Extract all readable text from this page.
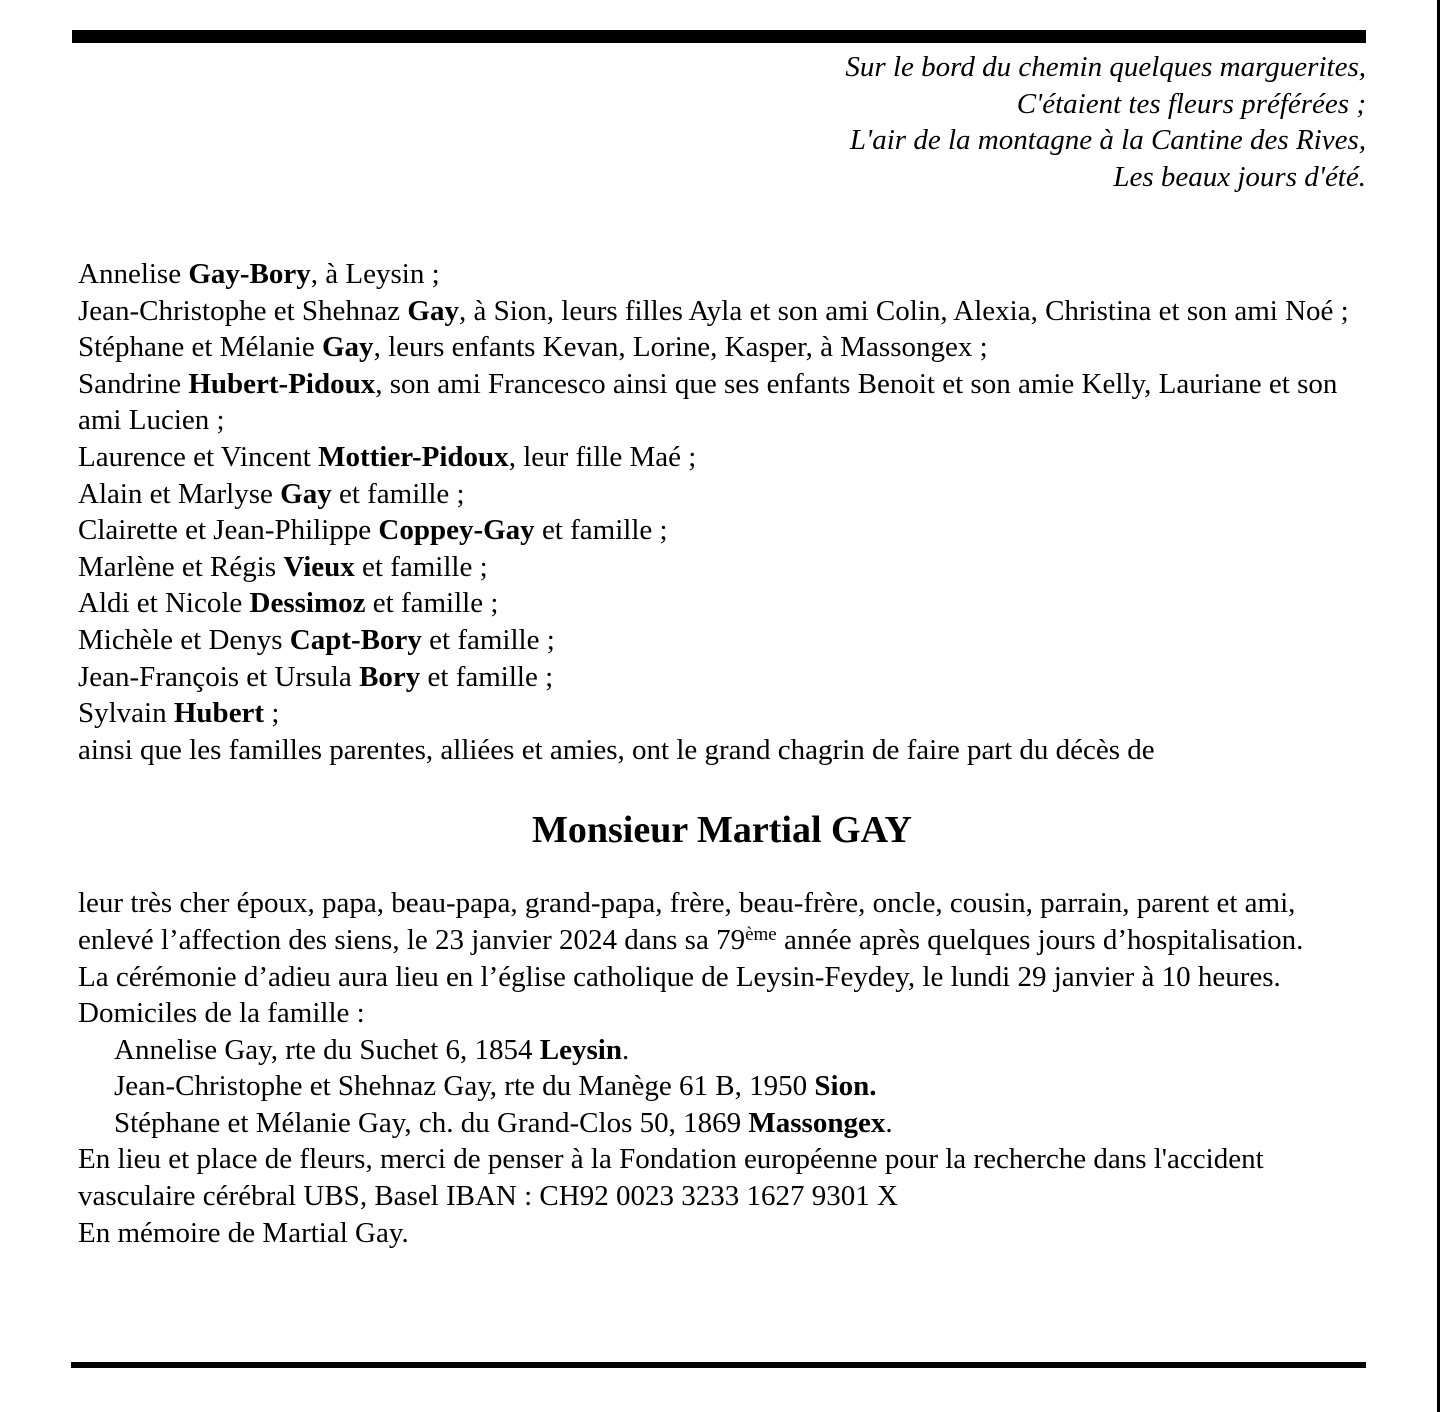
Sur le bord du chemin quelques marguerites,
C'étaient tes fleurs préférées ;
L'air de la montagne à la Cantine des Rives,
Les beaux jours d'été.
Annelise Gay-Bory, à Leysin ;
Jean-Christophe et Shehnaz Gay, à Sion, leurs filles Ayla et son ami Colin, Alexia, Christina et son ami Noé ;
Stéphane et Mélanie Gay, leurs enfants Kevan, Lorine, Kasper, à Massongex ;
Sandrine Hubert-Pidoux, son ami Francesco ainsi que ses enfants Benoit et son amie Kelly, Lauriane et son ami Lucien ;
Laurence et Vincent Mottier-Pidoux, leur fille Maé ;
Alain et Marlyse Gay et famille ;
Clairette et Jean-Philippe Coppey-Gay et famille ;
Marlène et Régis Vieux et famille ;
Aldi et Nicole Dessimoz et famille ;
Michèle et Denys Capt-Bory et famille ;
Jean-François et Ursula Bory et famille ;
Sylvain Hubert ;
ainsi que les familles parentes, alliées et amies, ont le grand chagrin de faire part du décès de
Monsieur Martial GAY
leur très cher époux, papa, beau-papa, grand-papa, frère, beau-frère, oncle, cousin, parrain, parent et ami, enlevé l’affection des siens, le 23 janvier 2024 dans sa 79ème année après quelques jours d’hospitalisation.
La cérémonie d’adieu aura lieu en l’église catholique de Leysin-Feydey, le lundi 29 janvier à 10 heures.
Domiciles de la famille :
Annelise Gay, rte du Suchet 6, 1854 Leysin.
Jean-Christophe et Shehnaz Gay, rte du Manège 61 B, 1950 Sion.
Stéphane et Mélanie Gay, ch. du Grand-Clos 50, 1869 Massongex.
En lieu et place de fleurs, merci de penser à la Fondation européenne pour la recherche dans l'accident vasculaire cérébral UBS, Basel IBAN : CH92 0023 3233 1627 9301 X
En mémoire de Martial Gay.
